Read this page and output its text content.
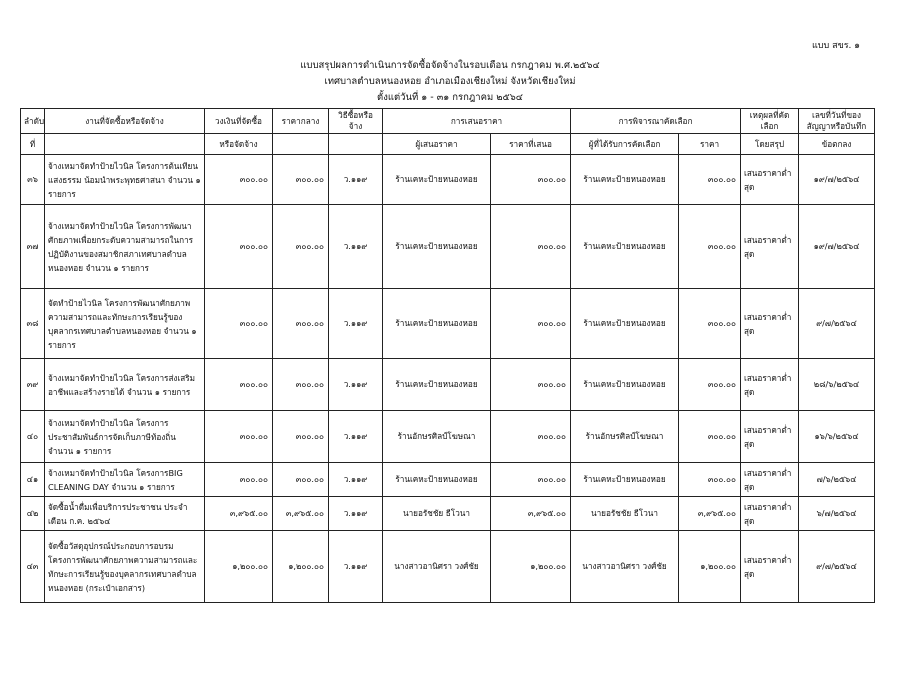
แบบ สขร. ๑
แบบสรุปผลการดำเนินการจัดซื้อจัดจ้างในรอบเดือน กรกฎาคม พ.ศ.๒๕๖๔
เทศบาลตำบลหนองหอย อำเภอเมืองเชียงใหม่ จังหวัดเชียงใหม่
ตั้งแต่วันที่ ๑ - ๓๑ กรกฎาคม ๒๕๖๔
ลำดับ	งานที่จัดซื้อหรือจัดจ้าง	วงเงินที่จัดซื้อ	ราคากลาง	วิธีซื้อหรือจ้าง	การเสนอราคา		การพิจารณาคัดเลือก		เหตุผลที่คัดเลือก	เลขที่วันที่ของ
สัญญาหรือบันทึก
ที่		หรือจัดจ้าง			ผู้เสนอราคา	ราคาที่เสนอ	ผู้ที่ได้รับการคัดเลือก	ราคา	โดยสรุป	ข้อตกลง
๓๖	จ้างเหมาจัดทำป้ายไวนิล โครงการต้นเทียน แสงธรรม น้อมนำพระพุทธศาสนา จำนวน ๑ รายการ	๓๐๐.๐๐	๓๐๐.๐๐	ว.๑๑๙	ร้านเคหะป้ายหนองหอย	๓๐๐.๐๐	ร้านเคหะป้ายหนองหอย	๓๐๐.๐๐	เสนอราคาต่ำสุด	๑๙/๗/๒๕๖๔
๓๗	จ้างเหมาจัดทำป้ายไวนิล โครงการพัฒนาศักยภาพเพื่อยกระดับความสามารถในการปฏิบัติงานของสมาชิกสภาเทศบาลตำบลหนองหอย จำนวน ๑ รายการ	๓๐๐.๐๐	๓๐๐.๐๐	ว.๑๑๙	ร้านเคหะป้ายหนองหอย	๓๐๐.๐๐	ร้านเคหะป้ายหนองหอย	๓๐๐.๐๐	เสนอราคาต่ำสุด	๑๙/๗/๒๕๖๔
๓๘	จัดทำป้ายไวนิล โครงการพัฒนาศักยภาพความสามารถและทักษะการเรียนรู้ของบุคลากรเทศบาลตำบลหนองหอย จำนวน ๑ รายการ	๓๐๐.๐๐	๓๐๐.๐๐	ว.๑๑๙	ร้านเคหะป้ายหนองหอย	๓๐๐.๐๐	ร้านเคหะป้ายหนองหอย	๓๐๐.๐๐	เสนอราคาต่ำสุด	๙/๗/๒๕๖๔
๓๙	จ้างเหมาจัดทำป้ายไวนิล โครงการส่งเสริมอาชีพและสร้างรายได้ จำนวน ๑ รายการ	๓๐๐.๐๐	๓๐๐.๐๐	ว.๑๑๙	ร้านเคหะป้ายหนองหอย	๓๐๐.๐๐	ร้านเคหะป้ายหนองหอย	๓๐๐.๐๐	เสนอราคาต่ำสุด	๒๘/๖/๒๕๖๔
๔๐	จ้างเหมาจัดทำป้ายไวนิล โครงการประชาสัมพันธ์การจัดเก็บภาษีท้องถิ่น จำนวน ๑ รายการ	๓๐๐.๐๐	๓๐๐.๐๐	ว.๑๑๙	ร้านอักษรศิลป์โฆษณา	๓๐๐.๐๐	ร้านอักษรศิลป์โฆษณา	๓๐๐.๐๐	เสนอราคาต่ำสุด	๑๖/๖/๒๕๖๔
๔๑	จ้างเหมาจัดทำป้ายไวนิล โครงการBIG CLEANING DAY จำนวน ๑ รายการ	๓๐๐.๐๐	๓๐๐.๐๐	ว.๑๑๙	ร้านเคหะป้ายหนองหอย	๓๐๐.๐๐	ร้านเคหะป้ายหนองหอย	๓๐๐.๐๐	เสนอราคาต่ำสุด	๗/๖/๒๕๖๔
๔๒	จัดซื้อน้ำดื่มเพื่อบริการประชาชน ประจำเดือน ก.ค. ๒๕๖๔	๓,๙๖๕.๐๐	๓,๙๖๕.๐๐	ว.๑๑๙	นายอรัชชัย ธีโวนา	๓,๙๖๕.๐๐	นายอรัชชัย ธีโวนา	๓,๙๖๕.๐๐	เสนอราคาต่ำสุด	๖/๗/๒๕๖๔
๔๓	จัดซื้อวัสดุอุปกรณ์ประกอบการอบรมโครงการพัฒนาศักยภาพความสามารถและทักษะการเรียนรู้ของบุคลากรเทศบาลตำบลหนองหอย (กระเป๋าเอกสาร)	๑,๒๐๐.๐๐	๑,๒๐๐.๐๐	ว.๑๑๙	นางสาวอานิศรา วงศ์ชัย	๑,๒๐๐.๐๐	นางสาวอานิศรา วงศ์ชัย	๑,๒๐๐.๐๐	เสนอราคาต่ำสุด	๙/๗/๒๕๖๔
